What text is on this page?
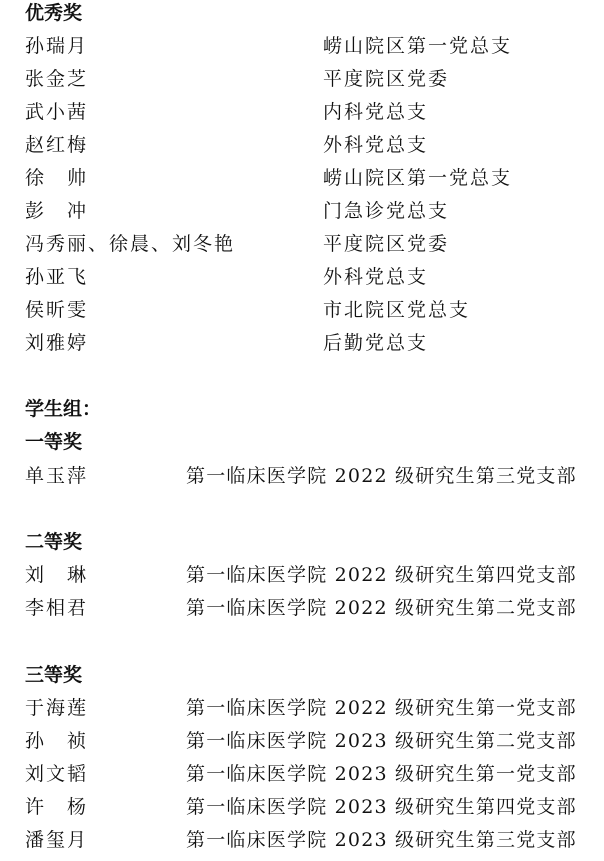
优秀奖
孙瑞月	崂山院区第一党总支
张金芝	平度院区党委
武小茜	内科党总支
赵红梅	外科党总支
徐　帅	崂山院区第一党总支
彭　冲	门急诊党总支
冯秀丽、徐晨、刘冬艳	平度院区党委
孙亚飞	外科党总支
侯昕雯	市北院区党总支
刘雅婷	后勤党总支
学生组：
一等奖
单玉萍	第一临床医学院 2022 级研究生第三党支部
二等奖
刘　琳	第一临床医学院 2022 级研究生第四党支部
李相君	第一临床医学院 2022 级研究生第二党支部
三等奖
于海莲	第一临床医学院 2022 级研究生第一党支部
孙　祯	第一临床医学院 2023 级研究生第二党支部
刘文韬	第一临床医学院 2023 级研究生第一党支部
许　杨	第一临床医学院 2023 级研究生第四党支部
潘玺月	第一临床医学院 2023 级研究生第三党支部
